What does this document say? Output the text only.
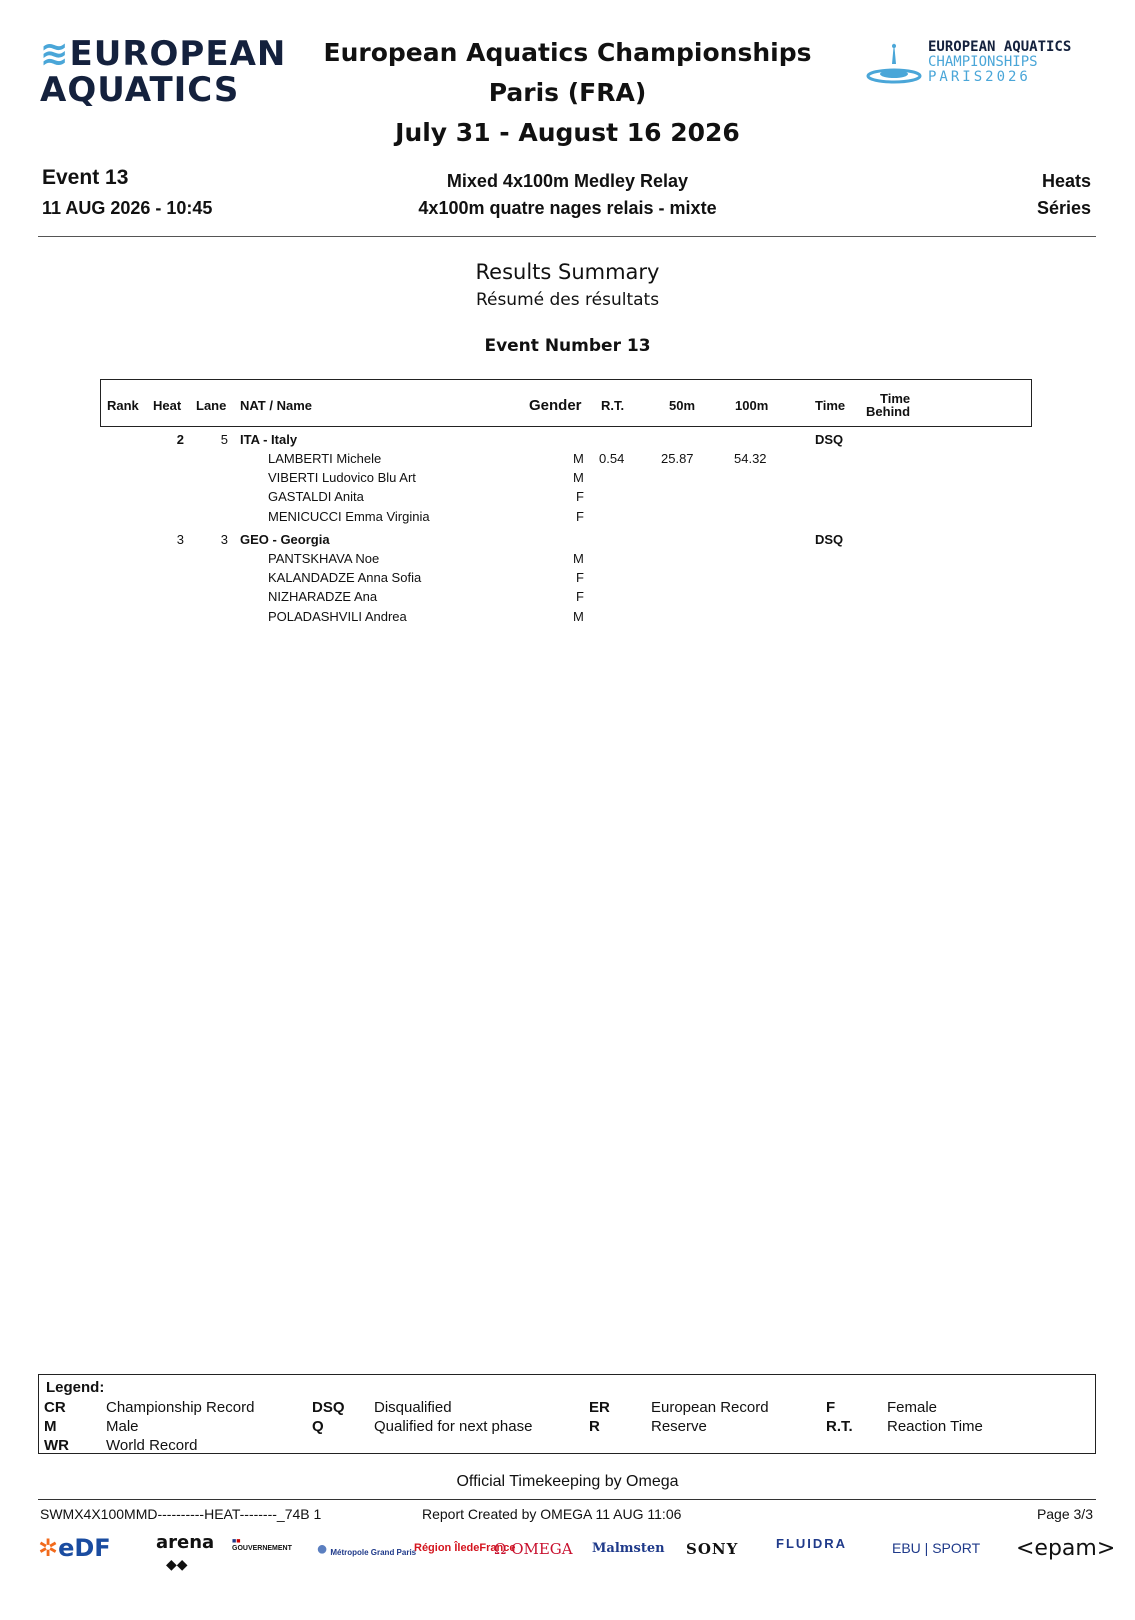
≋EUROPEAN
AQUATICS
EUROPEAN AQUATICS
CHAMPIONSHIPS
PARIS2026
European Aquatics Championships
Paris (FRA)
July 31 - August 16 2026
Event 13
11 AUG 2026 - 10:45
Mixed 4x100m Medley Relay
4x100m quatre nages relais - mixte
Heats
Séries
Results Summary
Résumé des résultats
Event Number 13
Rank Heat Lane NAT / Name	Gender R.T.	50m	100m	Time	Time
Behind
2	5 ITA - Italy	DSQ
LAMBERTI Michele	M 0.54	25.87	54.32
VIBERTI Ludovico Blu Art	M
GASTALDI Anita	F
MENICUCCI Emma Virginia	F
3	3 GEO - Georgia	DSQ
PANTSKHAVA Noe	M
KALANDADZE Anna Sofia	F
NIZHARADZE Ana	F
POLADASHVILI Andrea	M
Legend:
CR	Championship Record	DSQ Disqualified	ER	European Record	F	Female
M	Male	Q	Qualified for next phase	R	Reserve	R.T. Reaction Time
WR World Record
Official Timekeeping by Omega
SWMX4X100MMD----------HEAT--------_74B 1	Report Created by OMEGA 11 AUG 11:06	Page 3/3
✲eDF	arena
◆◆
■■
GOUVERNEMENT ● Métropole Grand Paris
Région ÎledeFrance
Ω OMEGA Malmsten SONY	FLUIDRA	EBU | SPORT <epam>
